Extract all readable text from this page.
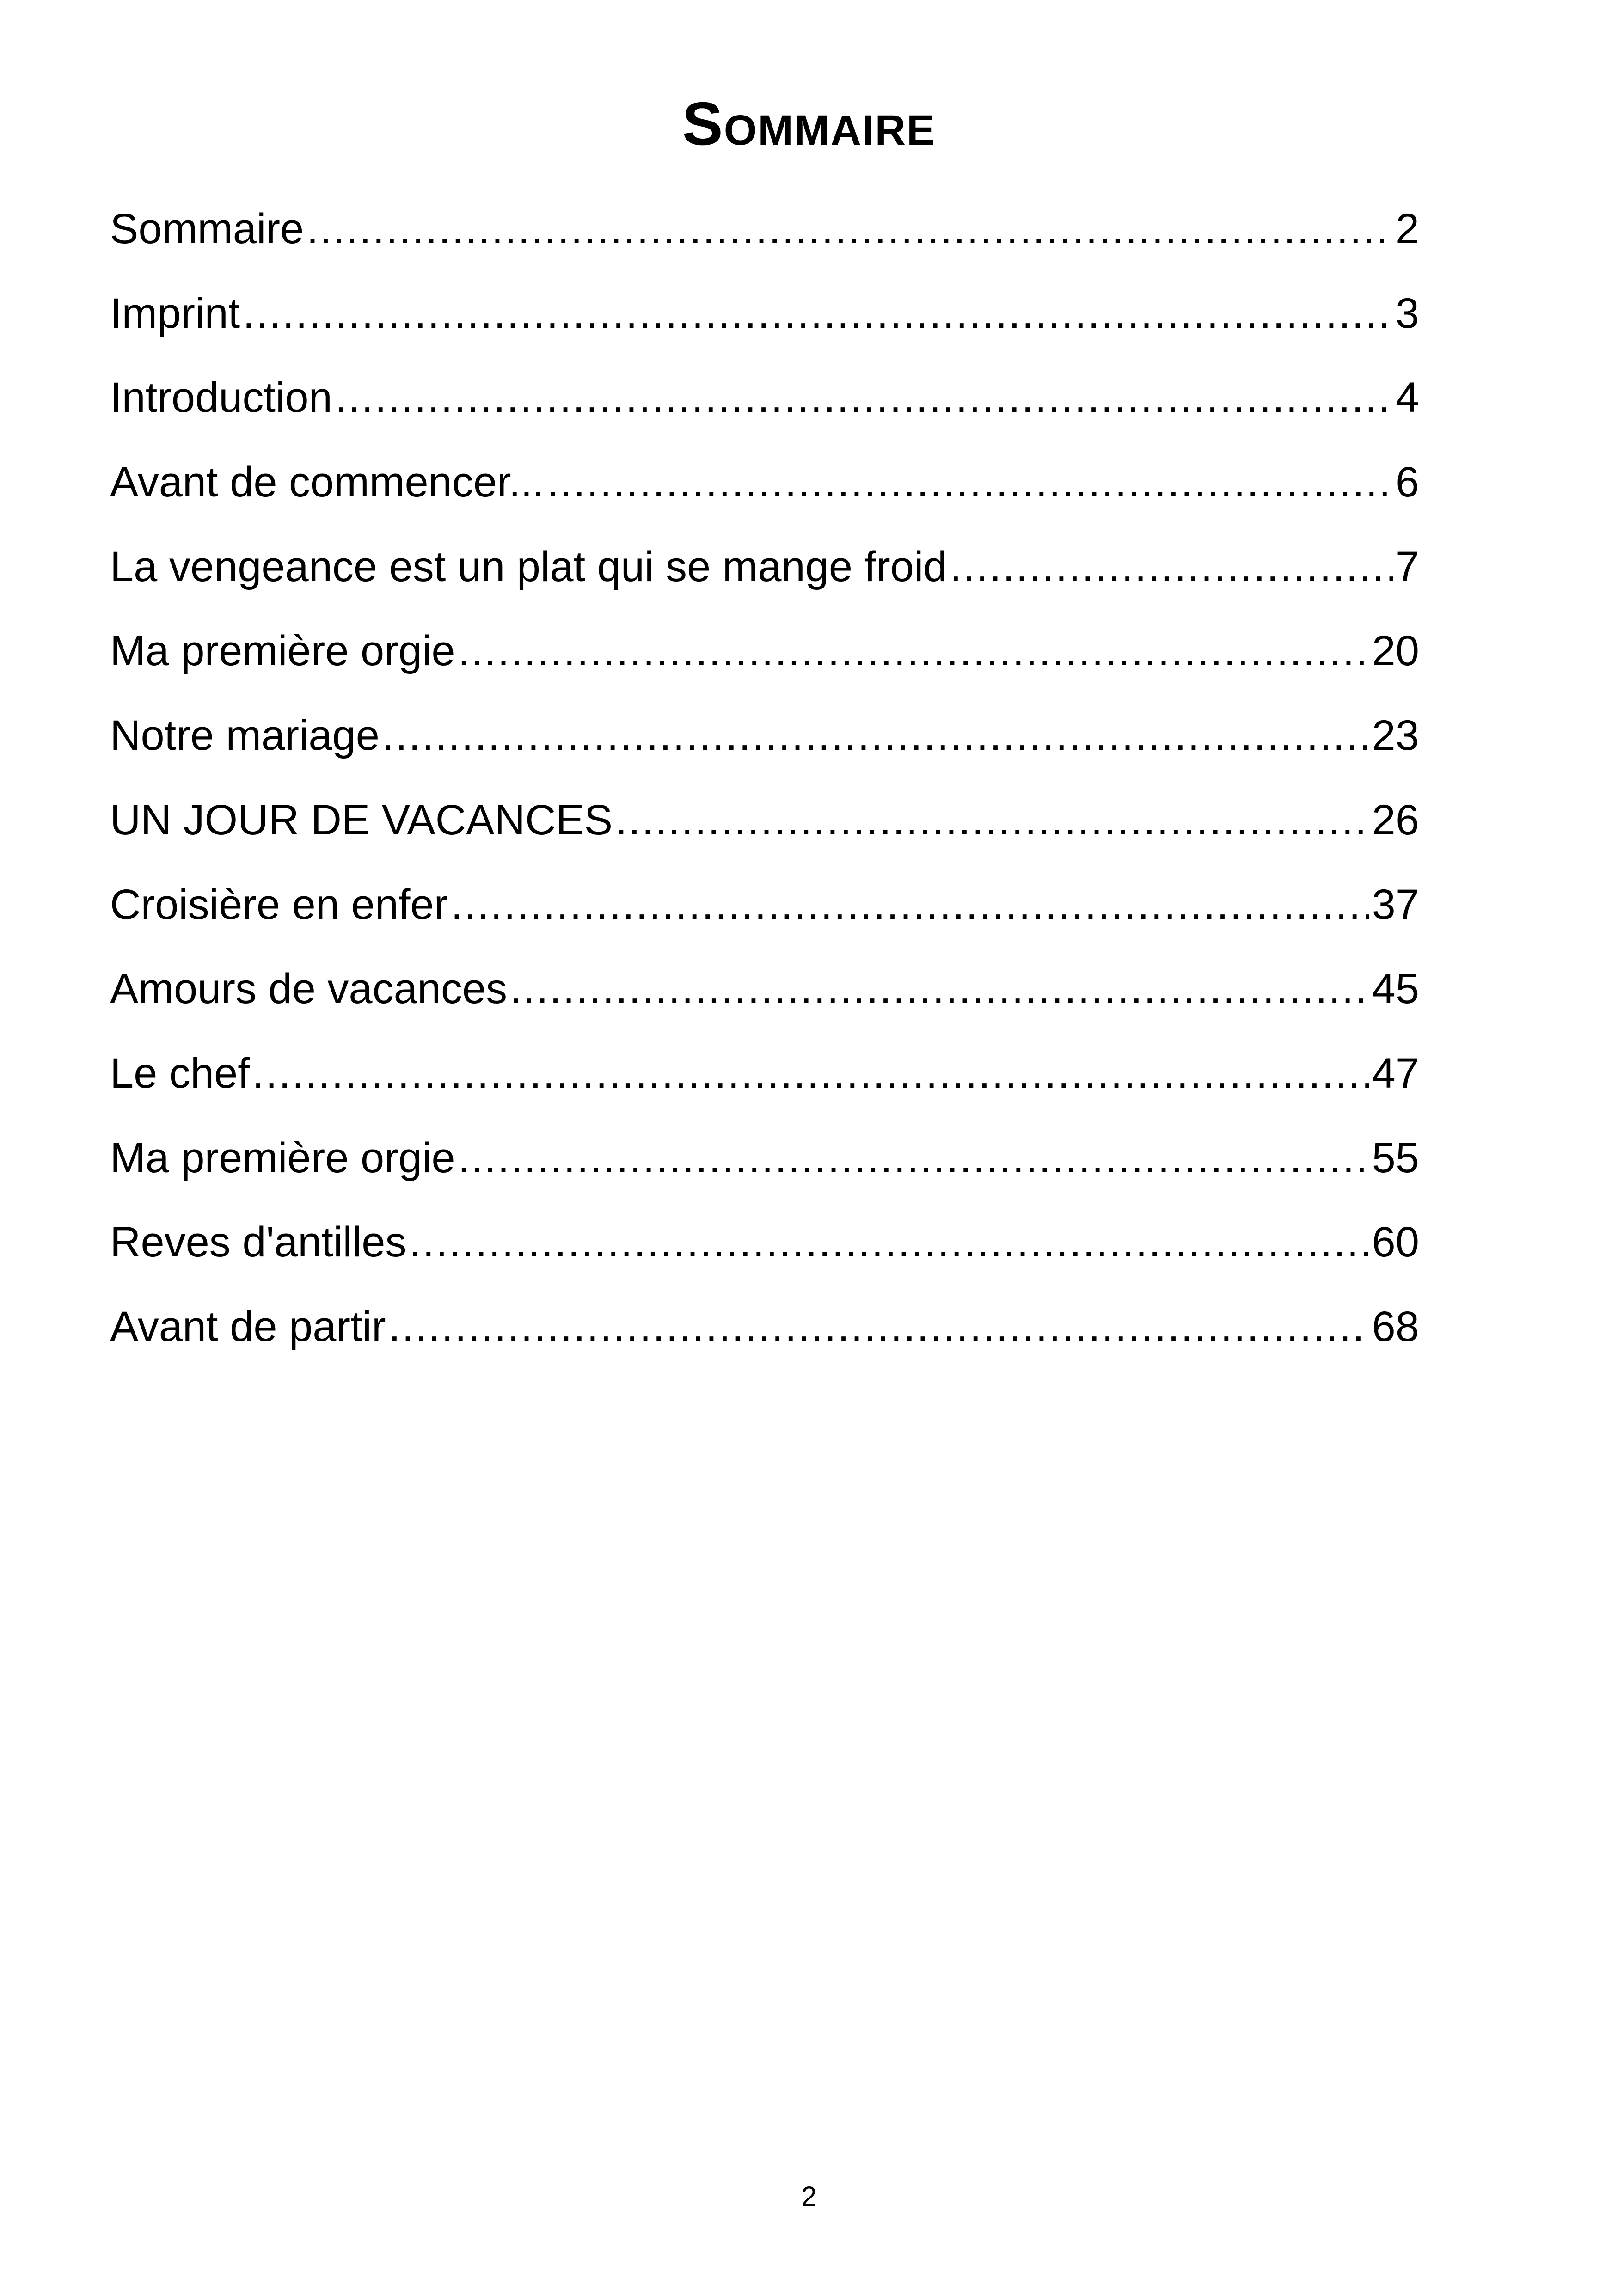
Sommaire
Sommaire .....	2
Imprint .....	3
Introduction .....	4
Avant de commencer... .....	6
La vengeance est un plat qui se mange froid .....	7
Ma première orgie .....	20
Notre mariage .....	23
UN JOUR DE VACANCES .....	26
Croisière en enfer .....	37
Amours de vacances .....	45
Le chef .....	47
Ma première orgie .....	55
Reves d'antilles .....	60
Avant de partir .....	68
2
